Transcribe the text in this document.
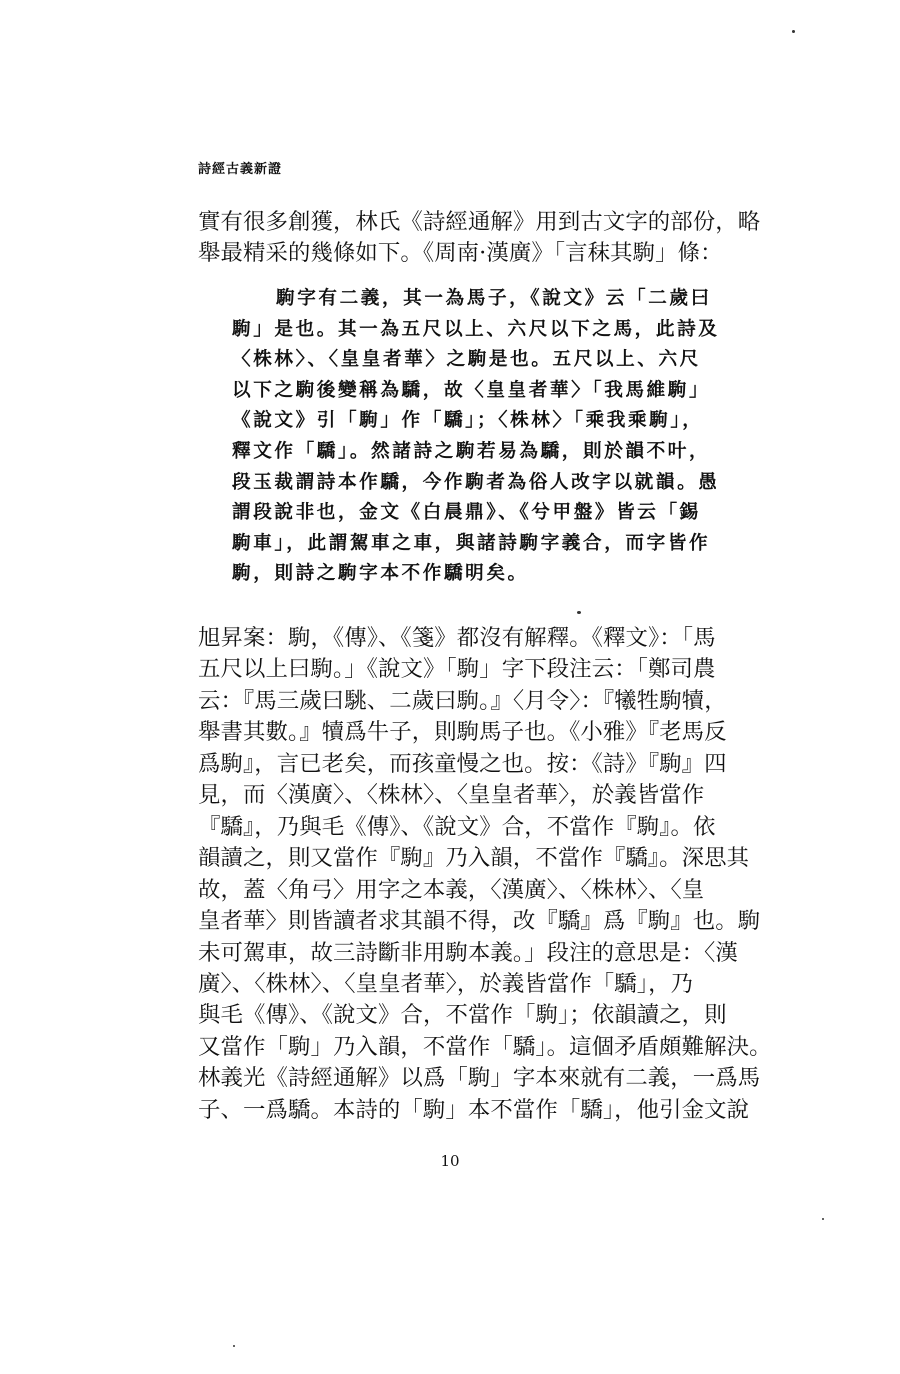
詩經古義新證
實有很多創獲，林氏《詩經通解》用到古文字的部份，略
舉最精采的幾條如下。《周南·漢廣》「言秣其駒」條：
駒字有二義，其一為馬子，《說文》云「二歲曰
駒」是也。其一為五尺以上、六尺以下之馬，此詩及
〈株林〉、〈皇皇者華〉之駒是也。五尺以上、六尺
以下之駒後變稱為驕，故〈皇皇者華〉「我馬維駒」
《說文》引「駒」作「驕」；〈株林〉「乘我乘駒」，
釋文作「驕」。然諸詩之駒若易為驕，則於韻不叶，
段玉裁謂詩本作驕，今作駒者為俗人改字以就韻。愚
謂段說非也，金文《白晨鼎》、《兮甲盤》皆云「錫
駒車」，此謂駕車之車，與諸詩駒字義合，而字皆作
駒，則詩之駒字本不作驕明矣。
旭昇案：駒，《傳》、《箋》都沒有解釋。《釋文》：「馬
五尺以上曰駒。」《說文》「駒」字下段注云：「鄭司農
云：『馬三歲曰駣、二歲曰駒。』〈月令〉：『犧牲駒犢，
舉書其數。』犢爲牛子，則駒馬子也。《小雅》『老馬反
爲駒』，言已老矣，而孩童慢之也。按：《詩》『駒』四
見，而〈漢廣〉、〈株林〉、〈皇皇者華〉，於義皆當作
『驕』，乃與毛《傳》、《說文》合，不當作『駒』。依
韻讀之，則又當作『駒』乃入韻，不當作『驕』。深思其
故，蓋〈角弓〉用字之本義，〈漢廣〉、〈株林〉、〈皇
皇者華〉則皆讀者求其韻不得，改『驕』爲『駒』也。駒
未可駕車，故三詩斷非用駒本義。」段注的意思是：〈漢
廣〉、〈株林〉、〈皇皇者華〉，於義皆當作「驕」，乃
與毛《傳》、《說文》合，不當作「駒」；依韻讀之，則
又當作「駒」乃入韻，不當作「驕」。這個矛盾頗難解決。
林義光《詩經通解》以爲「駒」字本來就有二義，一爲馬
子、一爲驕。本詩的「駒」本不當作「驕」，他引金文說
10
